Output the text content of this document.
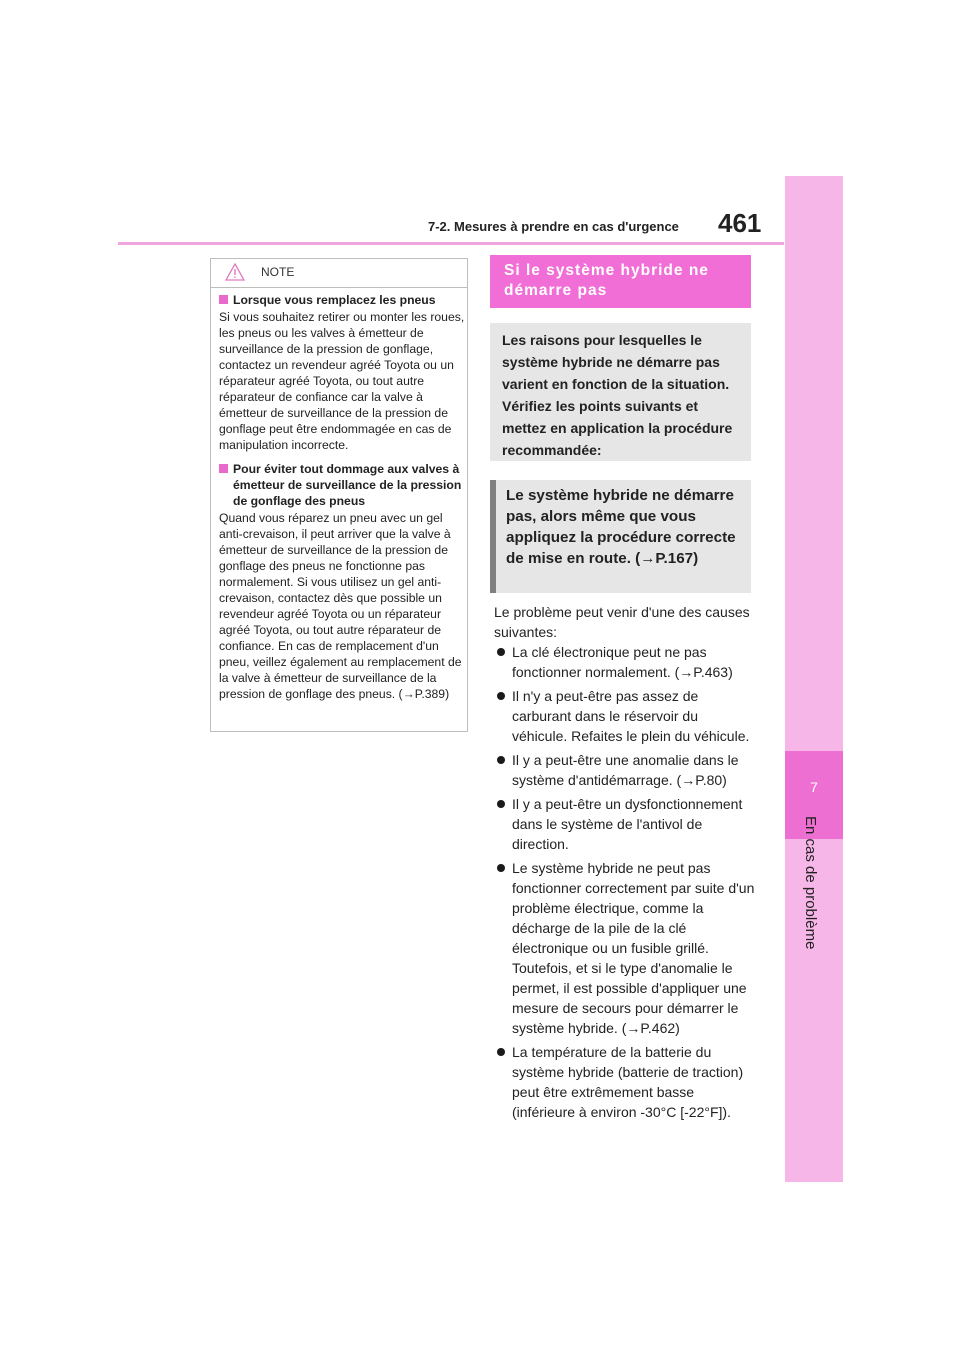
7
En cas de problème
7-2. Mesures à prendre en cas d'urgence 461
NOTE
Lorsque vous remplacez les pneus
Si vous souhaitez retirer ou monter les roues, les pneus ou les valves à émetteur de surveillance de la pression de gonflage, contactez un revendeur agréé Toyota ou un réparateur agréé Toyota, ou tout autre réparateur de confiance car la valve à émetteur de surveillance de la pression de gonflage peut être endommagée en cas de manipulation incorrecte.
Pour éviter tout dommage aux valves à émetteur de surveillance de la pression de gonflage des pneus
Quand vous réparez un pneu avec un gel anti-crevaison, il peut arriver que la valve à émetteur de surveillance de la pression de gonflage des pneus ne fonctionne pas normalement. Si vous utilisez un gel anti-crevaison, contactez dès que possible un revendeur agréé Toyota ou un réparateur agréé Toyota, ou tout autre réparateur de confiance. En cas de remplacement d'un pneu, veillez également au remplacement de la valve à émetteur de surveillance de la pression de gonflage des pneus. (→P.389)
Si le système hybride ne démarre pas
Les raisons pour lesquelles le système hybride ne démarre pas varient en fonction de la situation. Vérifiez les points suivants et mettez en application la procédure recommandée:
Le système hybride ne démarre pas, alors même que vous appliquez la procédure correcte de mise en route. (→P.167)
Le problème peut venir d'une des causes suivantes:
La clé électronique peut ne pas fonctionner normalement. (→P.463)
Il n'y a peut-être pas assez de carburant dans le réservoir du véhicule. Refaites le plein du véhicule.
Il y a peut-être une anomalie dans le système d'antidémarrage. (→P.80)
Il y a peut-être un dysfonctionnement dans le système de l'antivol de direction.
Le système hybride ne peut pas fonctionner correctement par suite d'un problème électrique, comme la décharge de la pile de la clé électronique ou un fusible grillé. Toutefois, et si le type d'anomalie le permet, il est possible d'appliquer une mesure de secours pour démarrer le système hybride. (→P.462)
La température de la batterie du système hybride (batterie de traction) peut être extrêmement basse (inférieure à environ -30°C [-22°F]).
